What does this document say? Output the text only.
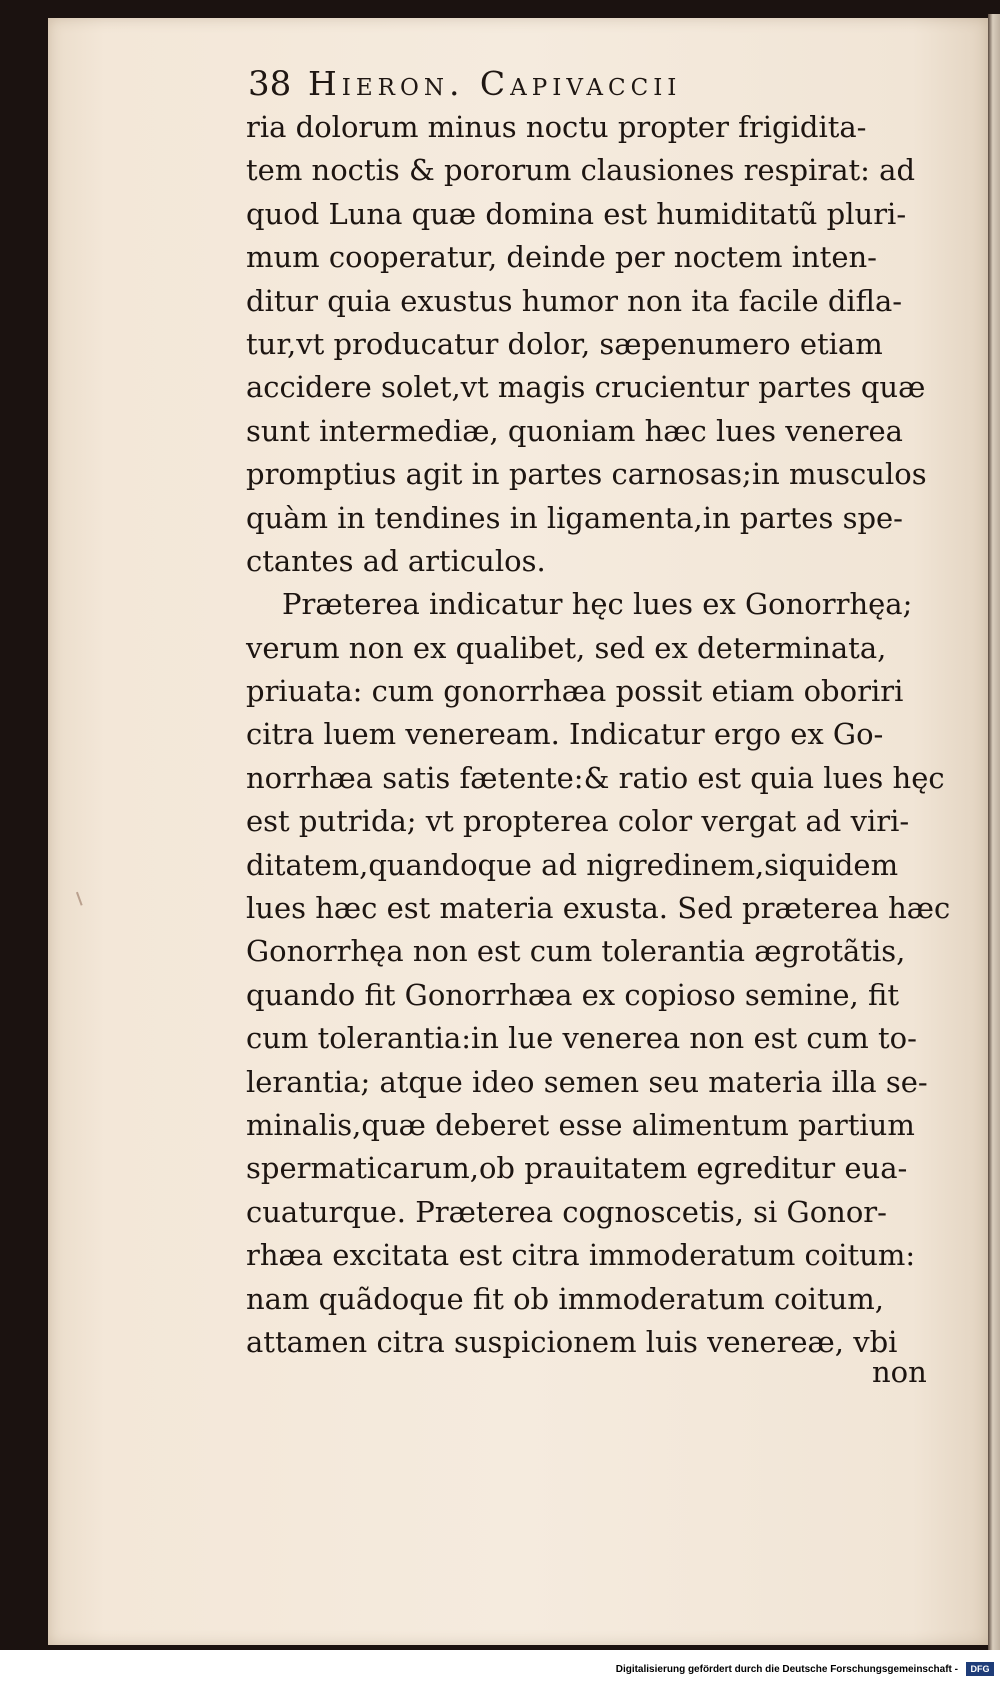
38 Hieron. Capivaccii
ria dolorum minus noctu propter frigidita-
tem noctis & pororum clausiones respirat: ad
quod Luna quæ domina est humiditatũ pluri-
mum cooperatur, deinde per noctem inten-
ditur quia exustus humor non ita facile difla-
tur,vt producatur dolor, sæpenumero etiam
accidere solet,vt magis crucientur partes quæ
sunt intermediæ, quoniam hæc lues venerea
promptius agit in partes carnosas;in musculos
quàm in tendines in ligamenta,in partes spe-
ctantes ad articulos.
Præterea indicatur hęc lues ex Gonorrhęa;
verum non ex qualibet, sed ex determinata,
priuata: cum gonorrhæa possit etiam oboriri
citra luem veneream. Indicatur ergo ex Go-
norrhæa satis fætente:& ratio est quia lues hęc
est putrida; vt propterea color vergat ad viri-
ditatem,quandoque ad nigredinem,siquidem
lues hæc est materia exusta. Sed præterea hæc
Gonorrhęa non est cum tolerantia ægrotãtis,
quando fit Gonorrhæa ex copioso semine, fit
cum tolerantia:in lue venerea non est cum to-
lerantia; atque ideo semen seu materia illa se-
minalis,quæ deberet esse alimentum partium
spermaticarum,ob prauitatem egreditur eua-
cuaturque. Præterea cognoscetis, si Gonor-
rhæa excitata est citra immoderatum coitum:
nam quãdoque fit ob immoderatum coitum,
attamen citra suspicionem luis venereæ, vbi
non
Digitalisierung gefördert durch die Deutsche Forschungsgemeinschaft -	DFG
